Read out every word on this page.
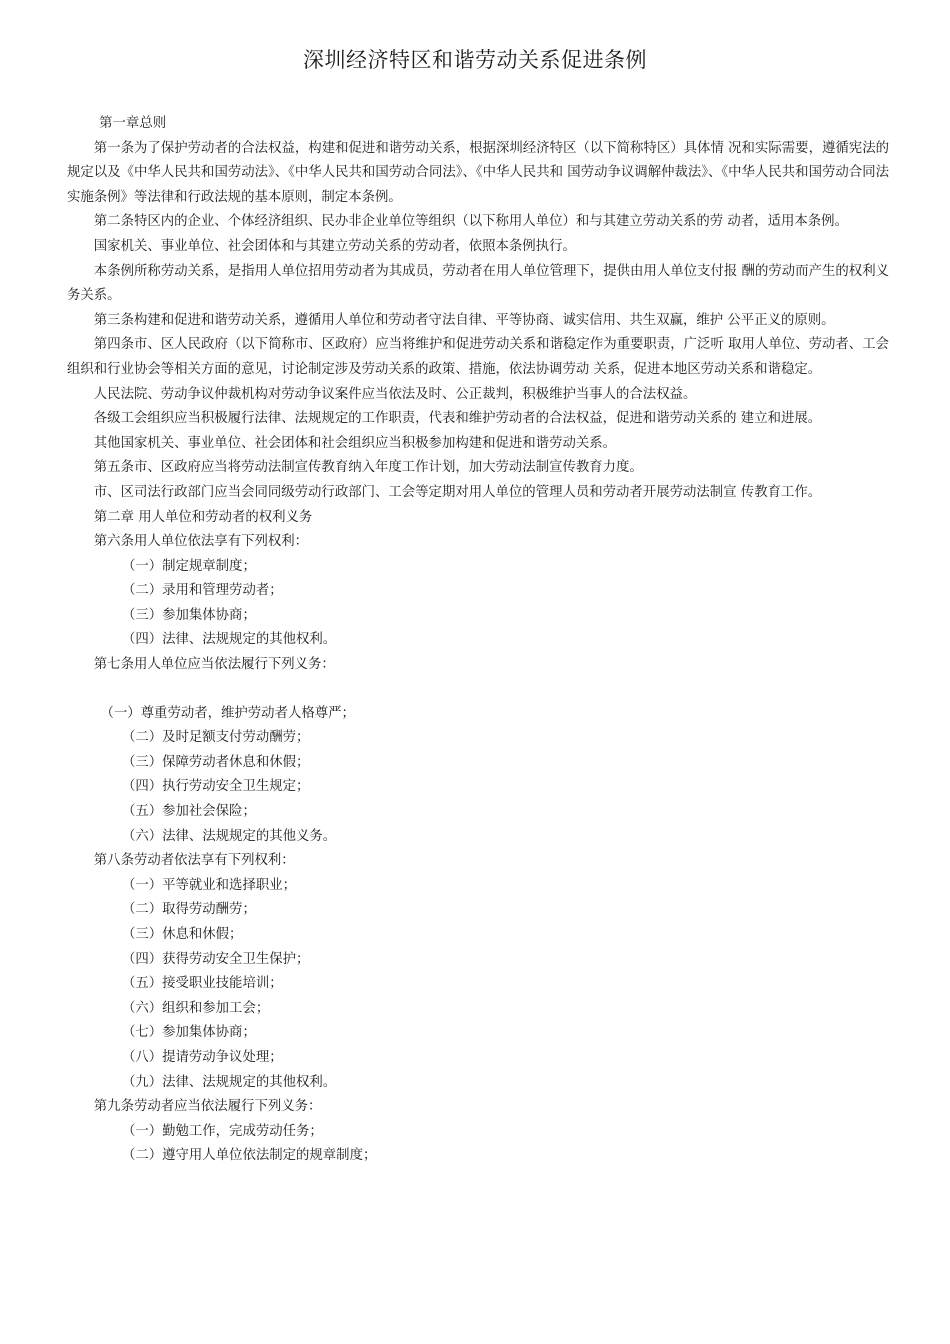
深圳经济特区和谐劳动关系促进条例

第一章总则

第一条为了保护劳动者的合法权益，构建和促进和谐劳动关系，根据深圳经济特区（以下简称特区）具体情 况和实际需要，遵循宪法的规定以及《中华人民共和国劳动法》、《中华人民共和国劳动合同法》、《中华人民共和 国劳动争议调解仲裁法》、《中华人民共和国劳动合同法实施条例》等法律和行政法规的基本原则，制定本条例。

第二条特区内的企业、个体经济组织、民办非企业单位等组织（以下称用人单位）和与其建立劳动关系的劳 动者，适用本条例。

国家机关、事业单位、社会团体和与其建立劳动关系的劳动者，依照本条例执行。

本条例所称劳动关系，是指用人单位招用劳动者为其成员，劳动者在用人单位管理下，提供由用人单位支付报 酬的劳动而产生的权利义务关系。

第三条构建和促进和谐劳动关系，遵循用人单位和劳动者守法自律、平等协商、诚实信用、共生双赢，维护 公平正义的原则。

第四条市、区人民政府（以下简称市、区政府）应当将维护和促进劳动关系和谐稳定作为重要职责，广泛听 取用人单位、劳动者、工会组织和行业协会等相关方面的意见，讨论制定涉及劳动关系的政策、措施，依法协调劳动 关系，促进本地区劳动关系和谐稳定。

人民法院、劳动争议仲裁机构对劳动争议案件应当依法及时、公正裁判，积极维护当事人的合法权益。

各级工会组织应当积极履行法律、法规规定的工作职责，代表和维护劳动者的合法权益，促进和谐劳动关系的 建立和进展。

其他国家机关、事业单位、社会团体和社会组织应当积极参加构建和促进和谐劳动关系。

第五条市、区政府应当将劳动法制宣传教育纳入年度工作计划，加大劳动法制宣传教育力度。

市、区司法行政部门应当会同同级劳动行政部门、工会等定期对用人单位的管理人员和劳动者开展劳动法制宣 传教育工作。

第二章 用人单位和劳动者的权利义务

第六条用人单位依法享有下列权利：

（一）制定规章制度；

（二）录用和管理劳动者；

（三）参加集体协商；

（四）法律、法规规定的其他权利。

第七条用人单位应当依法履行下列义务：

（一）尊重劳动者，维护劳动者人格尊严；

（二）及时足额支付劳动酬劳；

（三）保障劳动者休息和休假；

（四）执行劳动安全卫生规定；

（五）参加社会保险；

（六）法律、法规规定的其他义务。

第八条劳动者依法享有下列权利：

（一）平等就业和选择职业；

（二）取得劳动酬劳；

（三）休息和休假；

（四）获得劳动安全卫生保护；

（五）接受职业技能培训；

（六）组织和参加工会；

（七）参加集体协商；

（八）提请劳动争议处理；

（九）法律、法规规定的其他权利。

第九条劳动者应当依法履行下列义务：

（一）勤勉工作，完成劳动任务；

（二）遵守用人单位依法制定的规章制度；
